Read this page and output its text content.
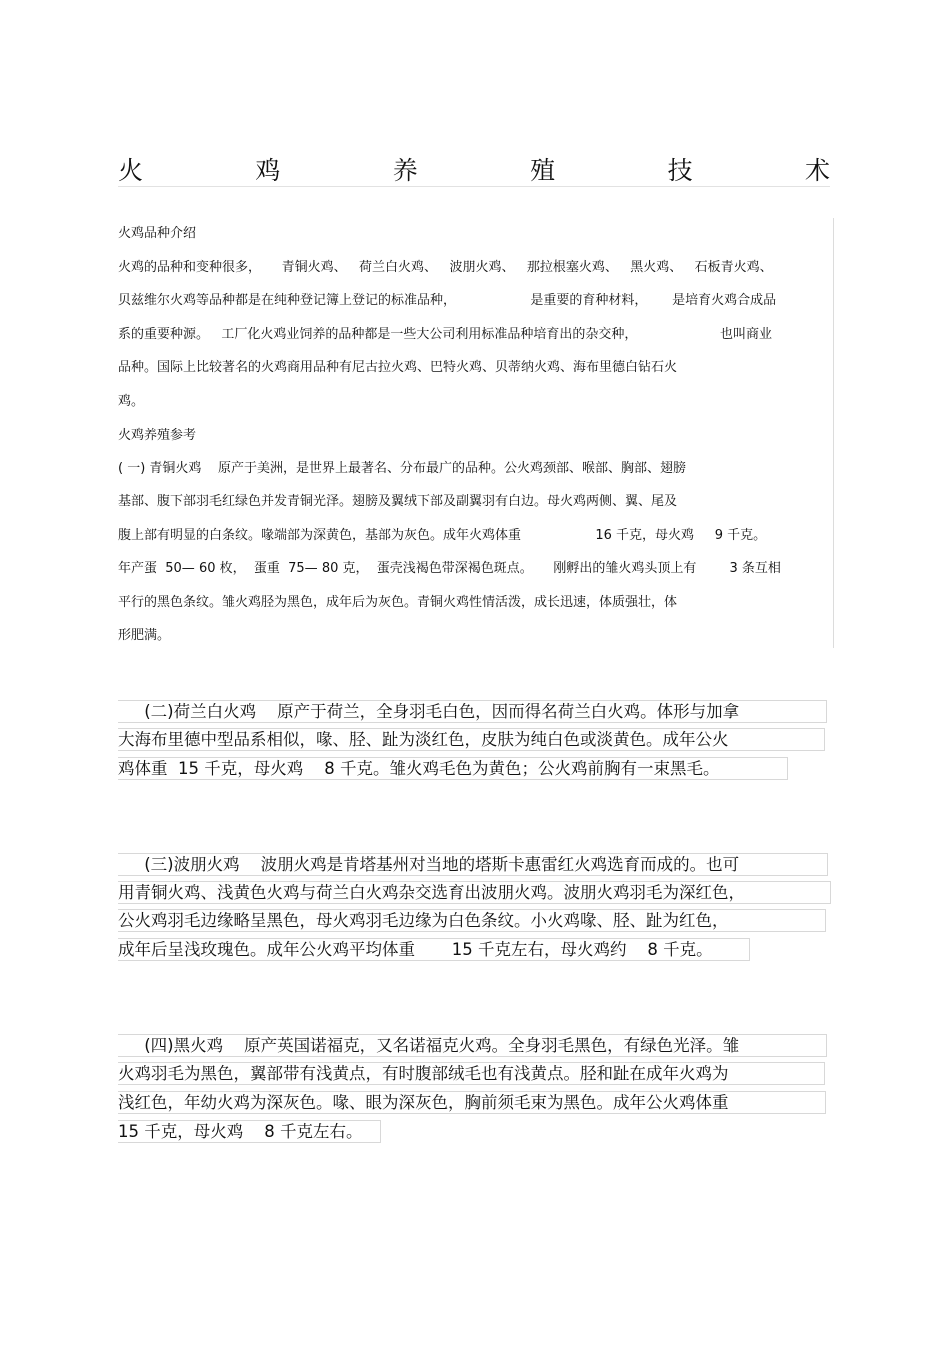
火	鸡	养	殖	技	术
火鸡品种介绍
火鸡的品种和变种很多，     青铜火鸡、   荷兰白火鸡、   波朋火鸡、   那拉根塞火鸡、   黑火鸡、   石板青火鸡、
贝兹维尔火鸡等品种都是在纯种登记簿上登记的标准品种，                  是重要的育种材料，      是培育火鸡合成品
系的重要种源。   工厂化火鸡业饲养的品种都是一些大公司利用标准品种培育出的杂交种，                    也叫商业
品种。国际上比较著名的火鸡商用品种有尼古拉火鸡、巴特火鸡、贝蒂纳火鸡、海布里德白钻石火
鸡。
火鸡养殖参考
( 一) 青铜火鸡    原产于美洲，是世界上最著名、分布最广的品种。公火鸡颈部、喉部、胸部、翅膀
基部、腹下部羽毛红绿色并发青铜光泽。翅膀及翼绒下部及副翼羽有白边。母火鸡两侧、翼、尾及
腹上部有明显的白条纹。喙端部为深黄色，基部为灰色。成年火鸡体重                  16 千克，母火鸡     9 千克。
年产蛋  50— 60 枚，  蛋重  75— 80 克，  蛋壳浅褐色带深褐色斑点。     刚孵出的雏火鸡头顶上有        3 条互相
平行的黑色条纹。雏火鸡胫为黑色，成年后为灰色。青铜火鸡性情活泼，成长迅速，体质强壮，体
形肥满。
(二)荷兰白火鸡    原产于荷兰，全身羽毛白色，因而得名荷兰白火鸡。体形与加拿
大海布里德中型品系相似，喙、胫、趾为淡红色，皮肤为纯白色或淡黄色。成年公火
鸡体重  15 千克，母火鸡    8 千克。雏火鸡毛色为黄色；公火鸡前胸有一束黑毛。
(三)波朋火鸡    波朋火鸡是肯塔基州对当地的塔斯卡惠雷红火鸡选育而成的。也可
用青铜火鸡、浅黄色火鸡与荷兰白火鸡杂交选育出波朋火鸡。波朋火鸡羽毛为深红色，
公火鸡羽毛边缘略呈黑色，母火鸡羽毛边缘为白色条纹。小火鸡喙、胫、趾为红色，
成年后呈浅玫瑰色。成年公火鸡平均体重       15 千克左右，母火鸡约    8 千克。
(四)黑火鸡    原产英国诺福克，又名诺福克火鸡。全身羽毛黑色，有绿色光泽。雏
火鸡羽毛为黑色，翼部带有浅黄点，有时腹部绒毛也有浅黄点。胫和趾在成年火鸡为
浅红色，年幼火鸡为深灰色。喙、眼为深灰色，胸前须毛束为黑色。成年公火鸡体重
15 千克，母火鸡    8 千克左右。
